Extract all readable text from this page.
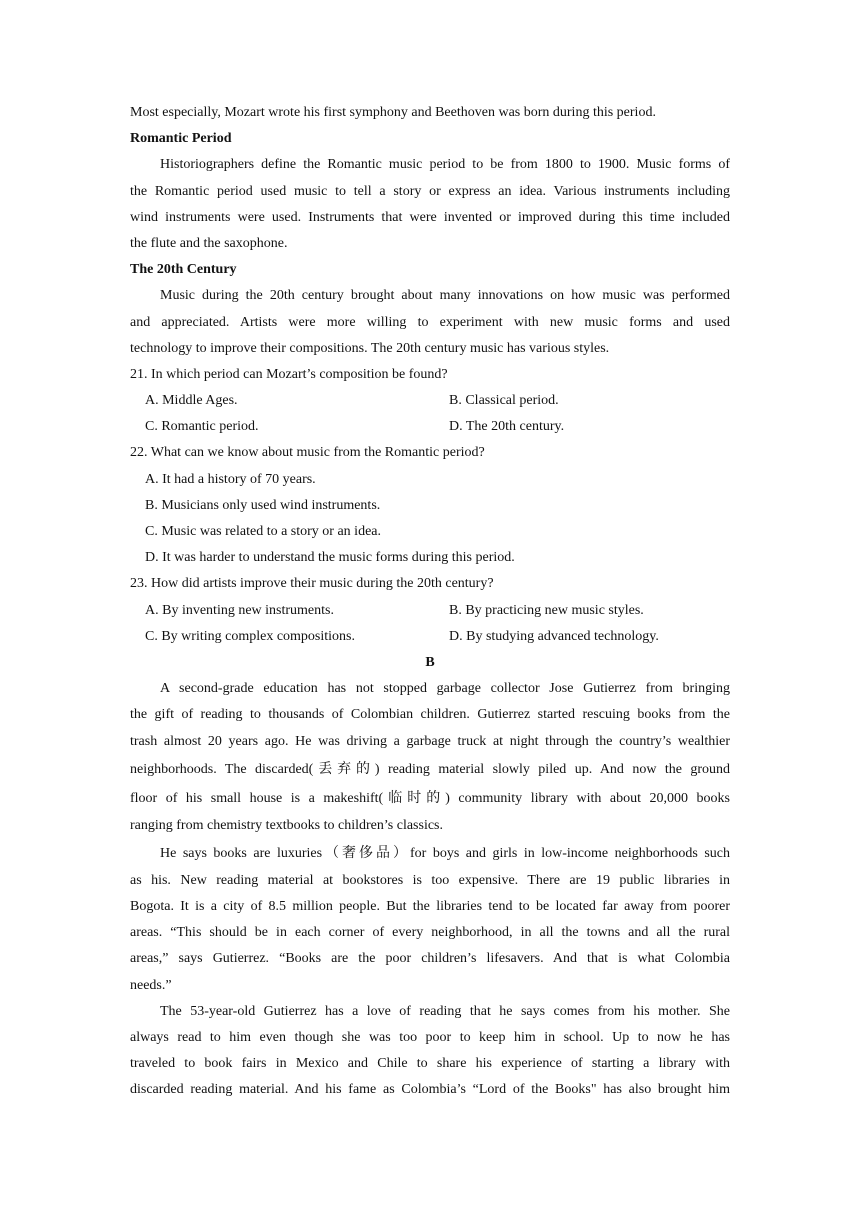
Most especially, Mozart wrote his first symphony and Beethoven was born during this period.
Romantic Period
Historiographers define the Romantic music period to be from 1800 to 1900. Music forms of
the Romantic period used music to tell a story or express an idea. Various instruments including
wind instruments were used. Instruments that were invented or improved during this time included
the flute and the saxophone.
The 20th Century
Music during the 20th century brought about many innovations on how music was performed
and appreciated. Artists were more willing to experiment with new music forms and used
technology to improve their compositions. The 20th century music has various styles.
21. In which period can Mozart’s composition be found?
A. Middle Ages.	B. Classical period.
C. Romantic period.	D. The 20th century.
22. What can we know about music from the Romantic period?
A. It had a history of 70 years.
B. Musicians only used wind instruments.
C. Music was related to a story or an idea.
D. It was harder to understand the music forms during this period.
23. How did artists improve their music during the 20th century?
A. By inventing new instruments.	B. By practicing new music styles.
C. By writing complex compositions.	D. By studying advanced technology.
B
A second-grade education has not stopped garbage collector Jose Gutierrez from bringing
the gift of reading to thousands of Colombian children. Gutierrez started rescuing books from the
trash almost 20 years ago. He was driving a garbage truck at night through the country’s wealthier
neighborhoods. The discarded(丢弃的) reading material slowly piled up. And now the ground
floor of his small house is a makeshift(临时的) community library with about 20,000 books
ranging from chemistry textbooks to children’s classics.
He says books are luxuries（奢侈品）for boys and girls in low-income neighborhoods such
as his. New reading material at bookstores is too expensive. There are 19 public libraries in
Bogota. It is a city of 8.5 million people. But the libraries tend to be located far away from poorer
areas. “This should be in each corner of every neighborhood, in all the towns and all the rural
areas,” says Gutierrez. “Books are the poor children’s lifesavers. And that is what Colombia
needs.”
The 53-year-old Gutierrez has a love of reading that he says comes from his mother. She
always read to him even though she was too poor to keep him in school. Up to now he has
traveled to book fairs in Mexico and Chile to share his experience of starting a library with
discarded reading material. And his fame as Colombia’s “Lord of the Books" has also brought him
